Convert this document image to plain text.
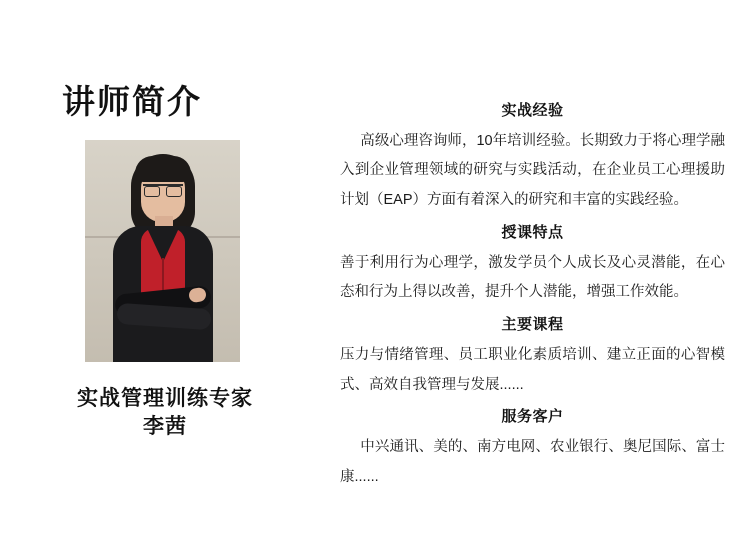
讲师简介
实战管理训练专家
李茜
实战经验
高级心理咨询师，10年培训经验。长期致力于将心理学融入到企业管理领域的研究与实践活动，在企业员工心理援助计划（EAP）方面有着深入的研究和丰富的实践经验。
授课特点
善于利用行为心理学，激发学员个人成长及心灵潜能，在心态和行为上得以改善，提升个人潜能，增强工作效能。
主要课程
压力与情绪管理、员工职业化素质培训、建立正面的心智模式、高效自我管理与发展......
服务客户
中兴通讯、美的、南方电网、农业银行、奥尼国际、富士康......
